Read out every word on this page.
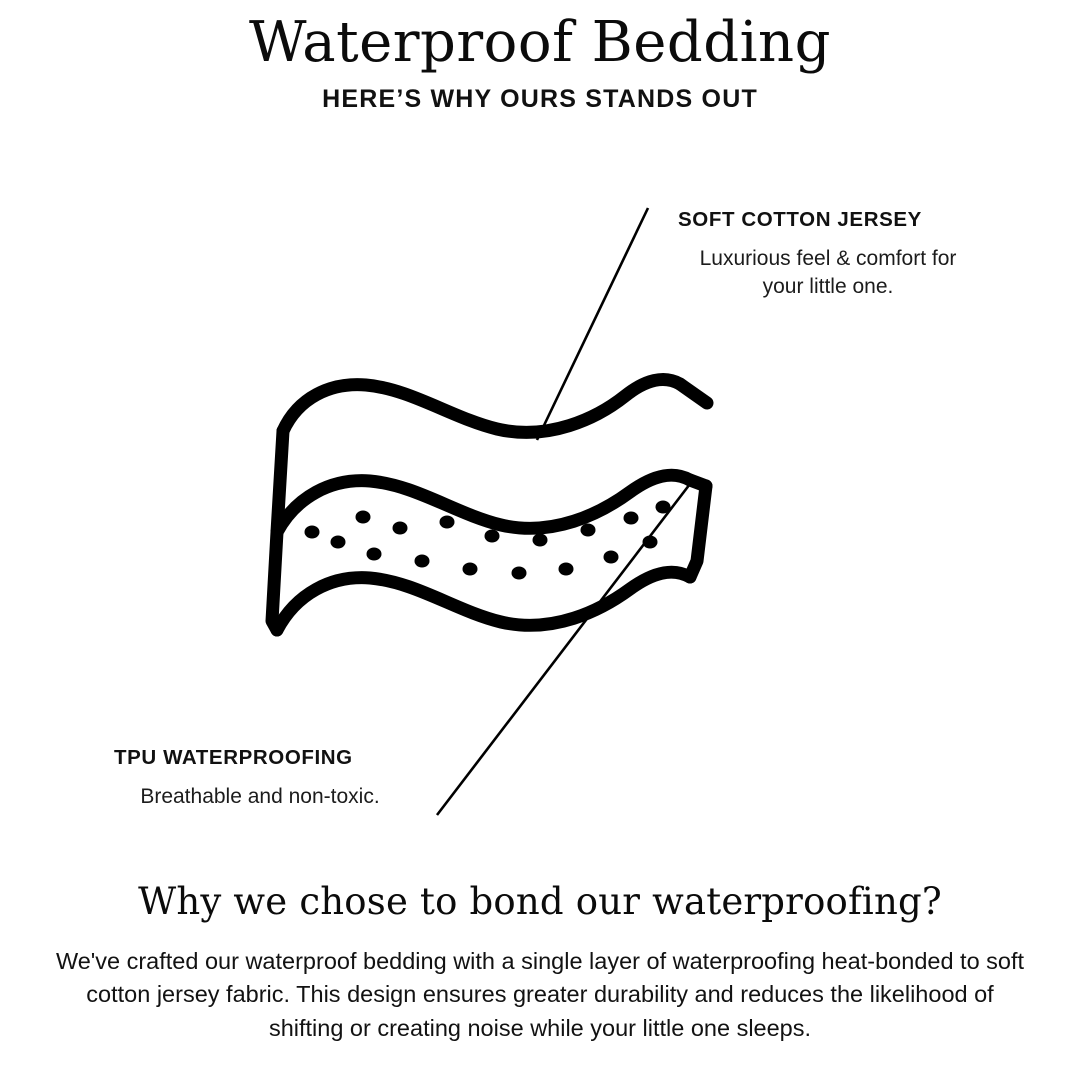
Waterproof Bedding
HERE’S WHY OURS STANDS OUT
SOFT COTTON JERSEY
Luxurious feel & comfort for your little one.
TPU WATERPROOFING
Breathable and non-toxic.
Why we chose to bond our waterproofing?

We've crafted our waterproof bedding with a single layer of waterproofing heat-bonded to soft cotton jersey fabric. This design ensures greater durability and reduces the likelihood of shifting or creating noise while your little one sleeps.
